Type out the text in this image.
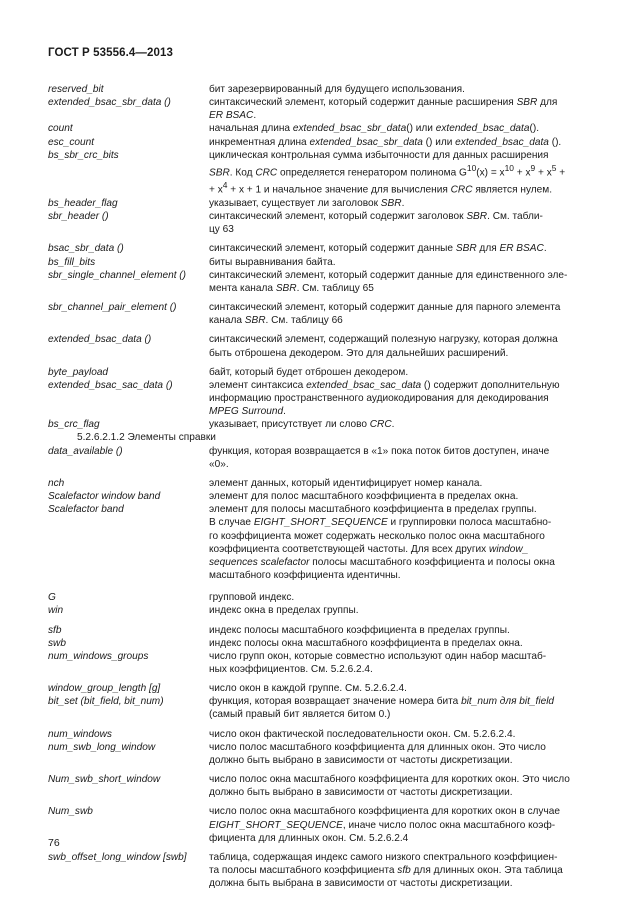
ГОСТ Р 53556.4—2013
reserved_bit	бит зарезервированный для будущего использования.
extended_bsac_sbr_data ()	синтаксический элемент, который содержит данные расширения SBR для
ER BSAC.
count	начальная длина extended_bsac_sbr_data() или extended_bsac_data().
esc_count	инкрементная длина extended_bsac_sbr_data () или extended_bsac_data ().
bs_sbr_crc_bits	циклическая контрольная сумма избыточности для данных расширения
SBR. Код CRC определяется генератором полинома $G^{10}(x) = x^{10} + x^9 + x^5$ +
+ $x^4 + x + 1$ и начальное значение для вычисления CRC является нулем.
bs_header_flag	указывает, существует ли заголовок SBR.
sbr_header ()	синтаксический элемент, который содержит заголовок SBR. См. табли-
цу 63
bsac_sbr_data ()	синтаксический элемент, который содержит данные SBR для ER BSAC.
bs_fill_bits	биты выравнивания байта.
sbr_single_channel_element ()	синтаксический элемент, который содержит данные для единственного эле-
мента канала SBR. См. таблицу 65
sbr_channel_pair_element ()	синтаксический элемент, который содержит данные для парного элемента
канала SBR. См. таблицу 66
extended_bsac_data ()	синтаксический элемент, содержащий полезную нагрузку, которая должна
быть отброшена декодером. Это для дальнейших расширений.
byte_payload	байт, который будет отброшен декодером.
extended_bsac_sac_data ()	элемент синтаксиса extended_bsac_sac_data () содержит дополнительную
информацию пространственного аудиокодирования для декодирования
MPEG Surround.
bs_crc_flag	указывает, присутствует ли слово CRC.
5.2.6.2.1.2 Элементы справки
data_available ()	функция, которая возвращается в «1» пока поток битов доступен, иначе
«0».
nch	элемент данных, который идентифицирует номер канала.
Scalefactor window band	элемент для полос масштабного коэффициента в пределах окна.
Scalefactor band	элемент для полосы масштабного коэффициента в пределах группы.
В случае EIGHT_SHORT_SEQUENCE и группировки полоса масштабно-
го коэффициента может содержать несколько полос окна масштабного
коэффициента соответствующей частоты. Для всех других window_
sequences scalefactor полосы масштабного коэффициента и полосы окна
масштабного коэффициента идентичны.
G	групповой индекс.
win	индекс окна в пределах группы.
sfb	индекс полосы масштабного коэффициента в пределах группы.
swb	индекс полосы окна масштабного коэффициента в пределах окна.
num_windows_groups	число групп окон, которые совместно используют один набор масштаб-
ных коэффициентов. См. 5.2.6.2.4.
window_group_length [g]	число окон в каждой группе. См. 5.2.6.2.4.
bit_set (bit_field, bit_num)	функция, которая возвращает значение номера бита bit_num для bit_field
(самый правый бит является битом 0.)
num_windows	число окон фактической последовательности окон. См. 5.2.6.2.4.
num_swb_long_window	число полос масштабного коэффициента для длинных окон. Это число
должно быть выбрано в зависимости от частоты дискретизации.
Num_swb_short_window	число полос окна масштабного коэффициента для коротких окон. Это число
должно быть выбрано в зависимости от частоты дискретизации.
Num_swb	число полос окна масштабного коэффициента для коротких окон в случае
EIGHT_SHORT_SEQUENCE, иначе число полос окна масштабного коэф-
фициента для длинных окон. См. 5.2.6.2.4
swb_offset_long_window [swb]	таблица, содержащая индекс самого низкого спектрального коэффициен-
та полосы масштабного коэффициента sfb для длинных окон. Эта таблица
должна быть выбрана в зависимости от частоты дискретизации.
76
